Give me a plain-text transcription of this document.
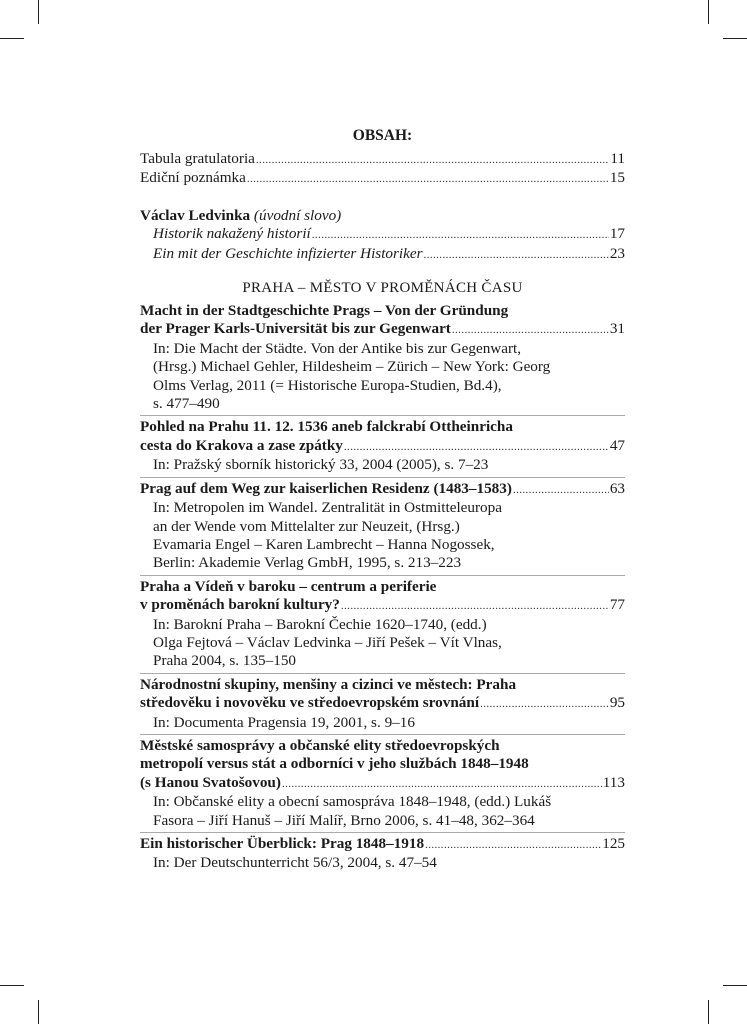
OBSAH:
Tabula gratulatoria .....	11
Ediční poznámka .....	15
Václav Ledvinka (úvodní slovo)
Historik nakažený historií .....	17
Ein mit der Geschichte infizierter Historiker .....	23
PRAHA – MĚSTO V PROMĚNÁCH ČASU
Macht in der Stadtgeschichte Prags – Von der Gründung
der Prager Karls-Universität bis zur Gegenwart .....	31
In: Die Macht der Städte. Von der Antike bis zur Gegenwart,
(Hrsg.) Michael Gehler, Hildesheim – Zürich – New York: Georg
Olms Verlag, 2011 (= Historische Europa-Studien, Bd.4),
s. 477–490
Pohled na Prahu 11. 12. 1536 aneb falckrabí Ottheinricha
cesta do Krakova a zase zpátky .....	47
In: Pražský sborník historický 33, 2004 (2005), s. 7–23
Prag auf dem Weg zur kaiserlichen Residenz (1483–1583) .....	63
In: Metropolen im Wandel. Zentralität in Ostmitteleuropa
an der Wende vom Mittelalter zur Neuzeit, (Hrsg.)
Evamaria Engel – Karen Lambrecht – Hanna Nogossek,
Berlin: Akademie Verlag GmbH, 1995, s. 213–223
Praha a Vídeň v baroku – centrum a periferie
v proměnách barokní kultury? .....	77
In: Barokní Praha – Barokní Čechie 1620–1740, (edd.)
Olga Fejtová – Václav Ledvinka – Jiří Pešek – Vít Vlnas,
Praha 2004, s. 135–150
Národnostní skupiny, menšiny a cizinci ve městech: Praha
středověku i novověku ve středoevropském srovnání .....	95
In: Documenta Pragensia 19, 2001, s. 9–16
Městské samosprávy a občanské elity středoevropských
metropolí versus stát a odborníci v jeho službách 1848–1948
(s Hanou Svatošovou) .....	113
In: Občanské elity a obecní samospráva 1848–1948, (edd.) Lukáš
Fasora – Jiří Hanuš – Jiří Malíř, Brno 2006, s. 41–48, 362–364
Ein historischer Überblick: Prag 1848–1918 .....	125
In: Der Deutschunterricht 56/3, 2004, s. 47–54
